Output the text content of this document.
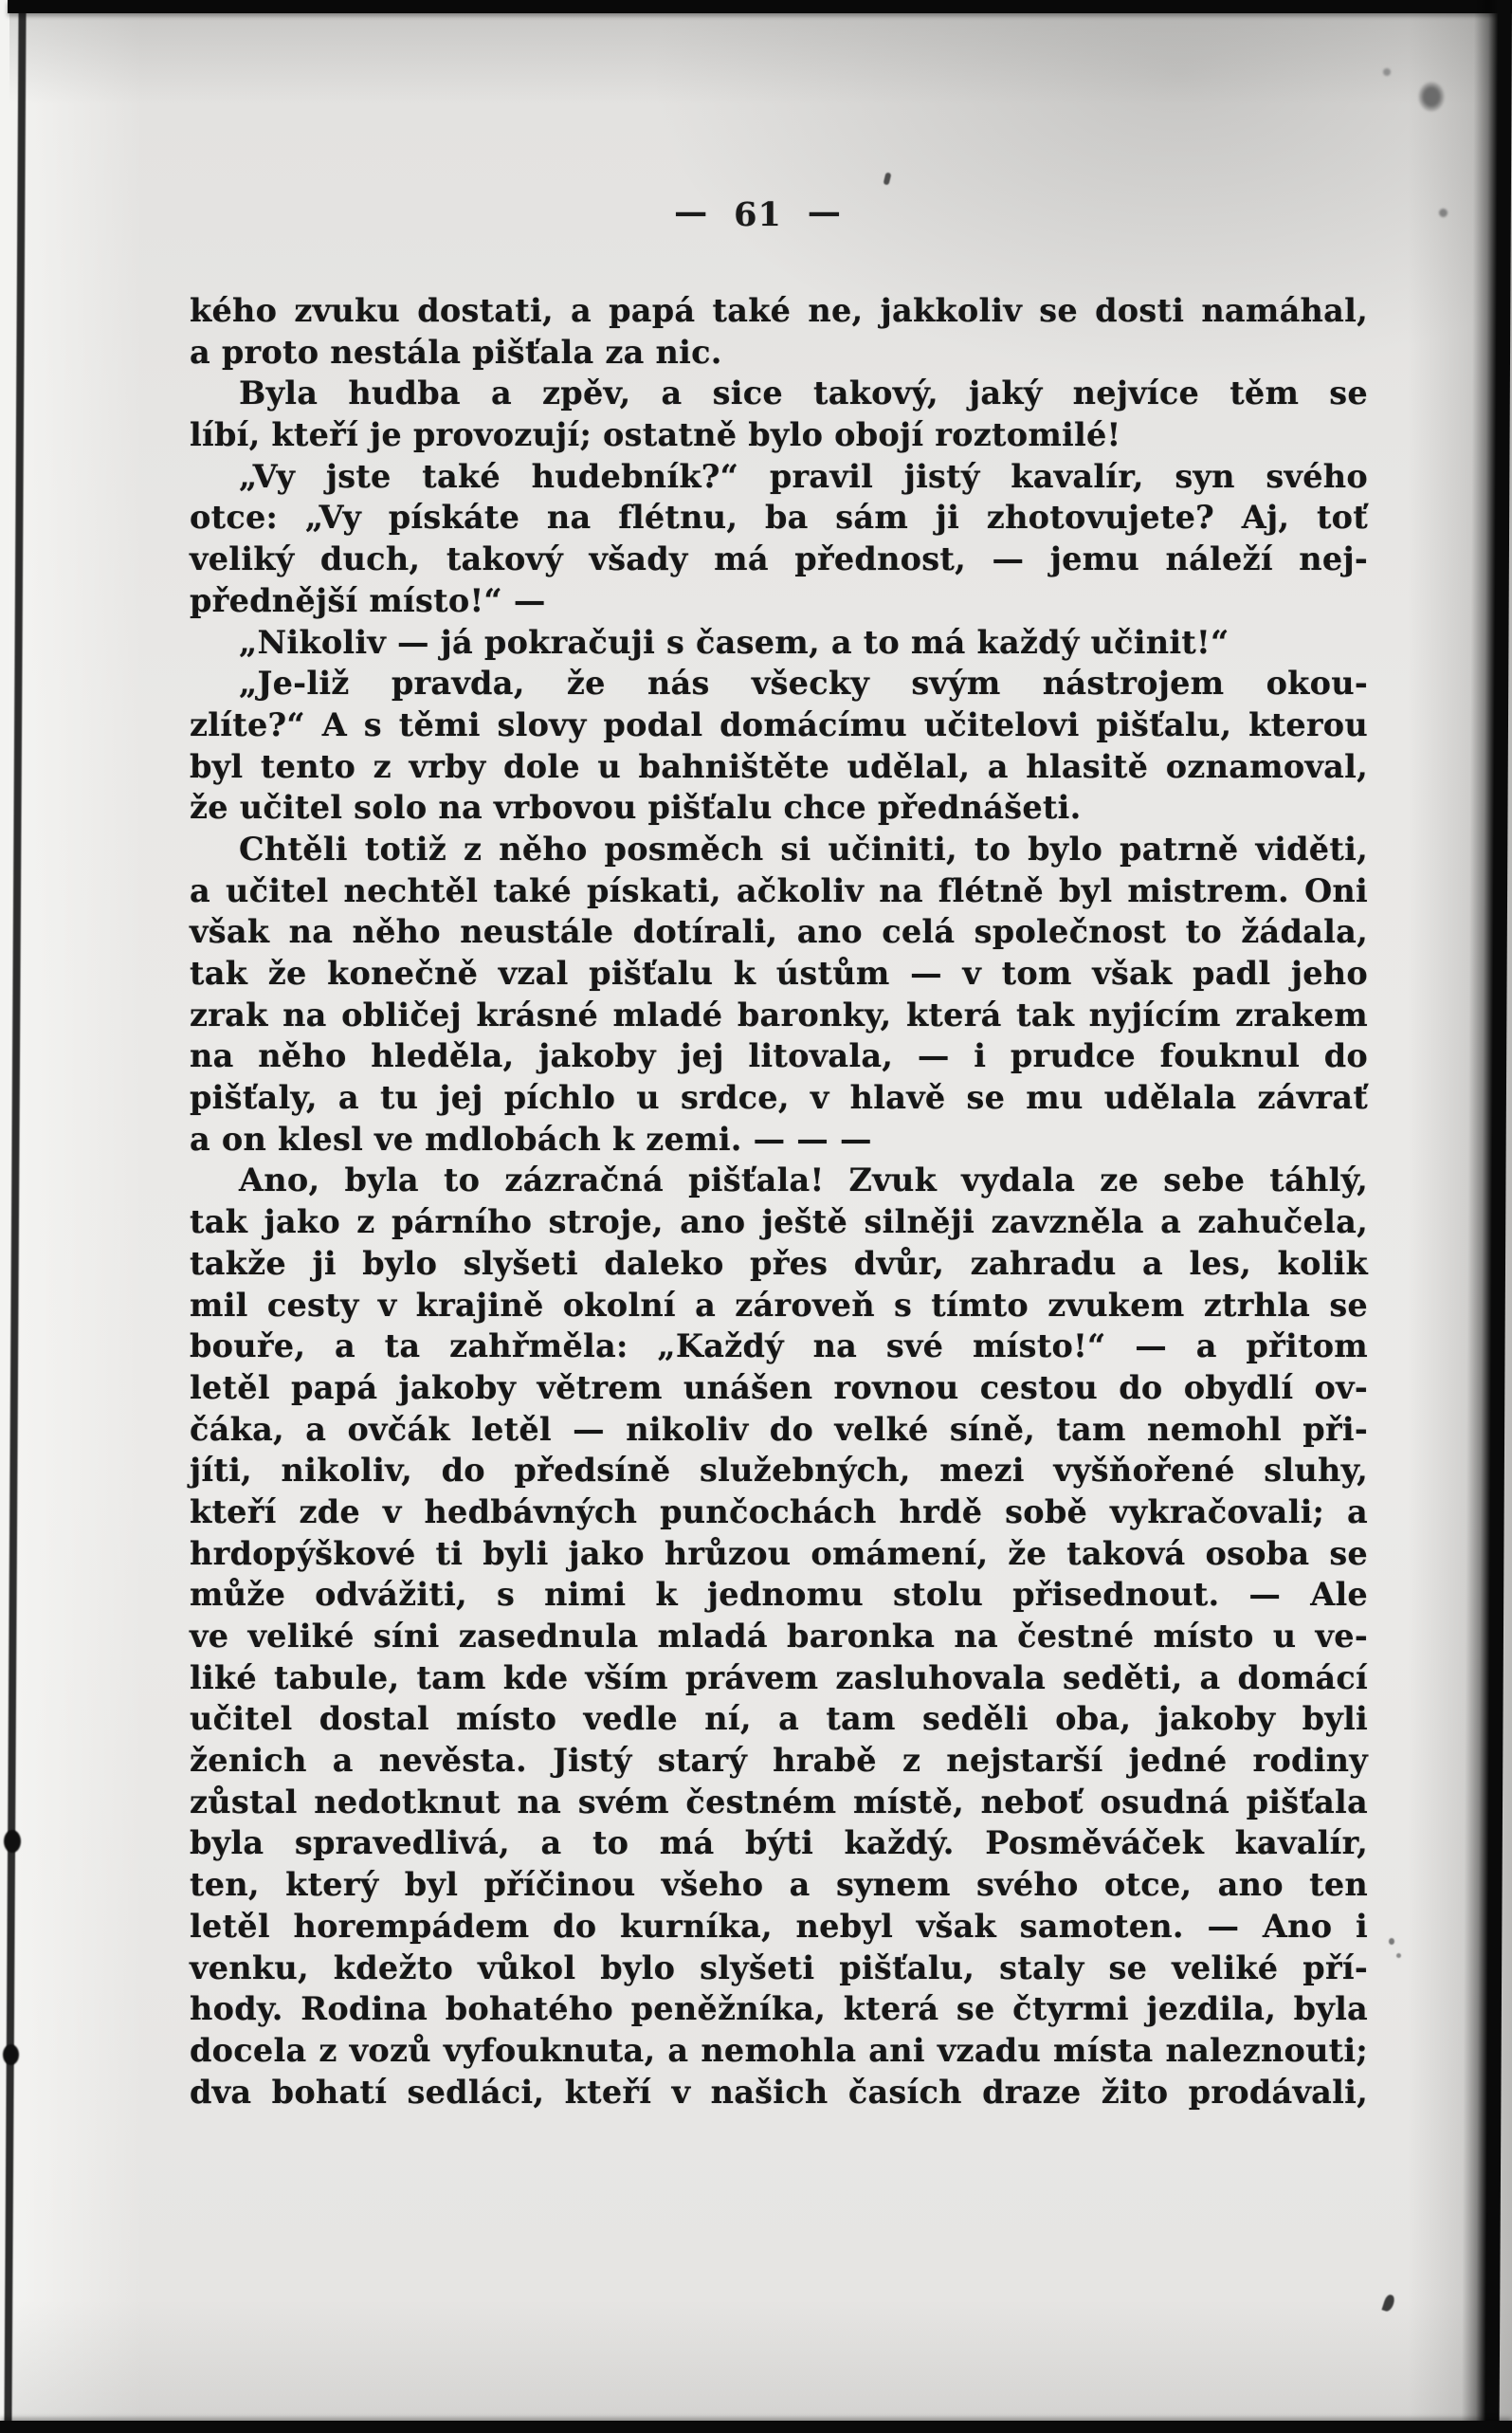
— 61 —
kého zvuku dostati, a papá také ne, jakkoliv se dosti namáhal,
a proto nestála pišťala za nic.
Byla hudba a zpěv, a sice takový, jaký nejvíce těm se
líbí, kteří je provozují; ostatně bylo obojí roztomilé!
„Vy jste také hudebník?“ pravil jistý kavalír, syn svého
otce: „Vy pískáte na flétnu, ba sám ji zhotovujete? Aj, toť
veliký duch, takový všady má přednost, — jemu náleží nej-
přednější místo!“ —
„Nikoliv — já pokračuji s časem, a to má každý učinit!“
„Je-liž pravda, že nás všecky svým nástrojem okou-
zlíte?“ A s těmi slovy podal domácímu učitelovi pišťalu, kterou
byl tento z vrby dole u bahništěte udělal, a hlasitě oznamoval,
že učitel solo na vrbovou pišťalu chce přednášeti.
Chtěli totiž z něho posměch si učiniti, to bylo patrně viděti,
a učitel nechtěl také pískati, ačkoliv na flétně byl mistrem. Oni
však na něho neustále dotírali, ano celá společnost to žádala,
tak že konečně vzal pišťalu k ústům — v tom však padl jeho
zrak na obličej krásné mladé baronky, která tak nyjícím zrakem
na něho hleděla, jakoby jej litovala, — i prudce fouknul do
pišťaly, a tu jej píchlo u srdce, v hlavě se mu udělala závrať
a on klesl ve mdlobách k zemi. — — —
Ano, byla to zázračná pišťala! Zvuk vydala ze sebe táhlý,
tak jako z párního stroje, ano ještě silněji zavzněla a zahučela,
takže ji bylo slyšeti daleko přes dvůr, zahradu a les, kolik
mil cesty v krajině okolní a zároveň s tímto zvukem ztrhla se
bouře, a ta zahřměla: „Každý na své místo!“ — a přitom
letěl papá jakoby větrem unášen rovnou cestou do obydlí ov-
čáka, a ovčák letěl — nikoliv do velké síně, tam nemohl při-
jíti, nikoliv, do předsíně služebných, mezi vyšňořené sluhy,
kteří zde v hedbávných punčochách hrdě sobě vykračovali; a
hrdopýškové ti byli jako hrůzou omámení, že taková osoba se
může odvážiti, s nimi k jednomu stolu přisednout. — Ale
ve veliké síni zasednula mladá baronka na čestné místo u ve-
liké tabule, tam kde vším právem zasluhovala seděti, a domácí
učitel dostal místo vedle ní, a tam seděli oba, jakoby byli
ženich a nevěsta. Jistý starý hrabě z nejstarší jedné rodiny
zůstal nedotknut na svém čestném místě, neboť osudná pišťala
byla spravedlivá, a to má býti každý. Posměváček kavalír,
ten, který byl příčinou všeho a synem svého otce, ano ten
letěl horempádem do kurníka, nebyl však samoten. — Ano i
venku, kdežto vůkol bylo slyšeti pišťalu, staly se veliké pří-
hody. Rodina bohatého peněžníka, která se čtyrmi jezdila, byla
docela z vozů vyfouknuta, a nemohla ani vzadu místa naleznouti;
dva bohatí sedláci, kteří v našich časích draze žito prodávali,
